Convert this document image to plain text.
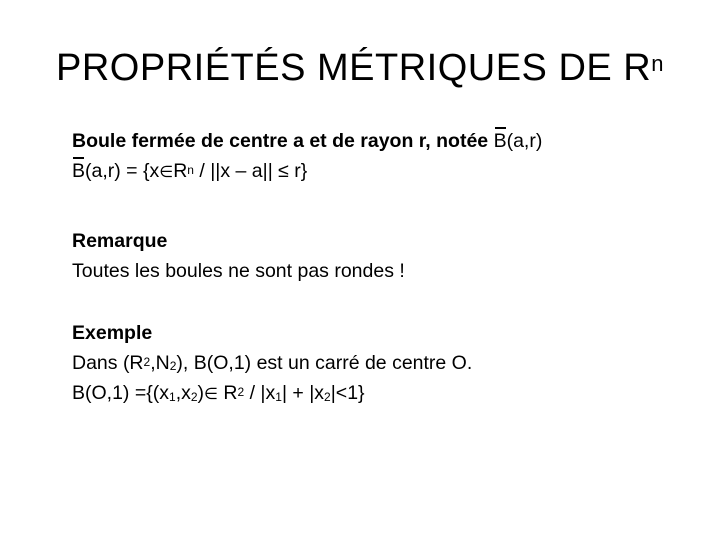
PROPRIÉTÉS MÉTRIQUES DE $R^n$
Boule fermée de centre a et de rayon r, notée B(a,r)
$B(a,r) = \{x\in R^n / ||x - a|| \le r\}$
Remarque
Toutes les boules ne sont pas rondes !
Exemple
Dans $(R^2,N_2)$, B(O,1) est un carré de centre O.
$B(O,1) =\{(x_1,x_2)\in$ $R^2 / |x_1| + |x_2|<1$}
